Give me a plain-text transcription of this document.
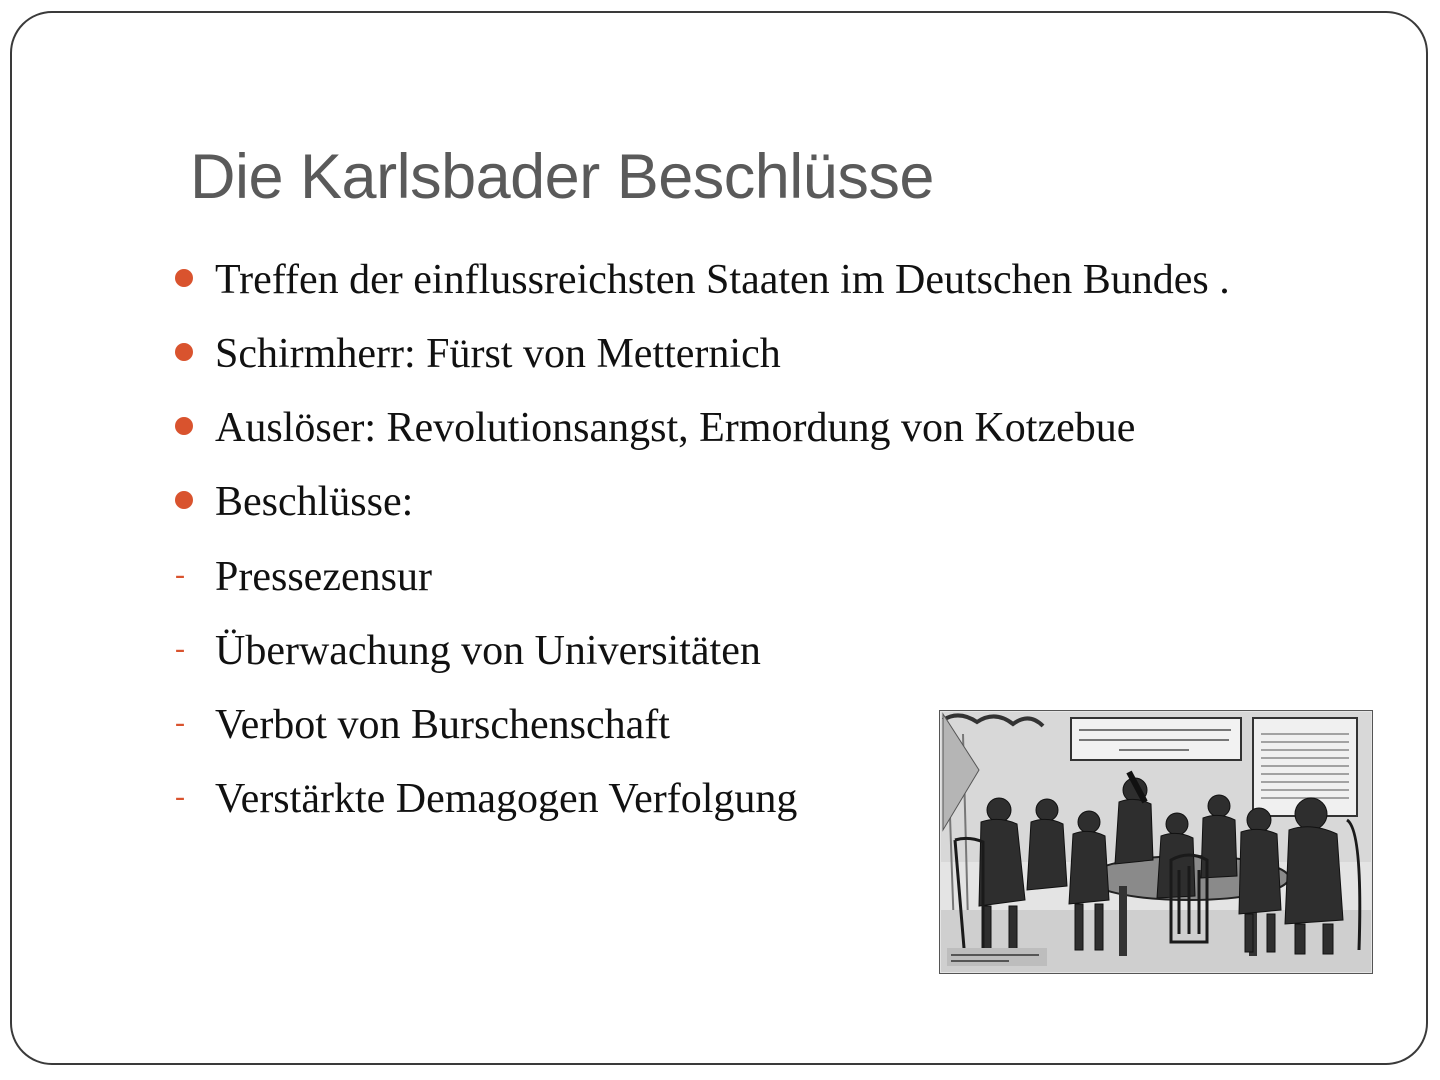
Die Karlsbader Beschlüsse
Treffen der einflussreichsten Staaten im Deutschen Bundes .
Schirmherr: Fürst von Metternich
Auslöser: Revolutionsangst, Ermordung von Kotzebue
Beschlüsse:
- Pressezensur
- Überwachung von Universitäten
- Verbot von Burschenschaft
- Verstärkte Demagogen Verfolgung
